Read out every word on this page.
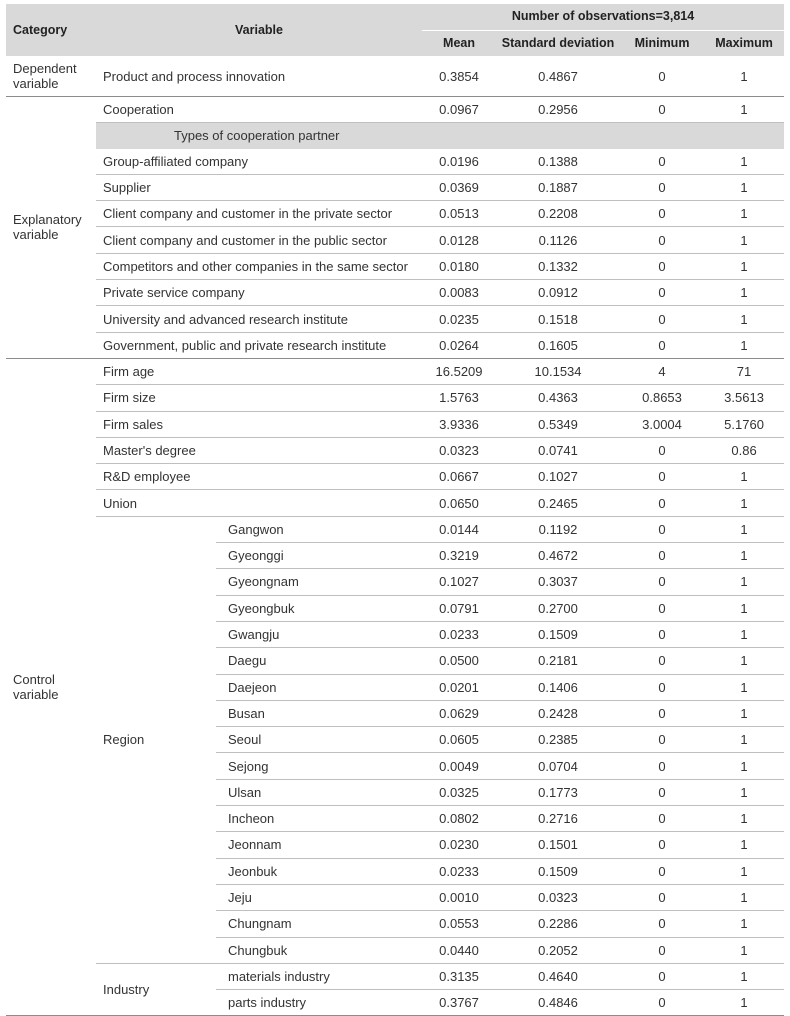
Category	Variable		Number of observations=3,814			
			Mean	Standard deviation	Minimum	Maximum
Dependent variable	Product and process innovation		0.3854	0.4867	0	1
Explanatory variable	Cooperation		0.0967	0.2956	0	1
	Types of cooperation partner					
	Group-affiliated company		0.0196	0.1388	0	1
	Supplier		0.0369	0.1887	0	1
	Client company and customer in the private sector		0.0513	0.2208	0	1
	Client company and customer in the public sector		0.0128	0.1126	0	1
	Competitors and other companies in the same sector		0.0180	0.1332	0	1
	Private service company		0.0083	0.0912	0	1
	University and advanced research institute		0.0235	0.1518	0	1
	Government, public and private research institute		0.0264	0.1605	0	1
Control variable	Firm age		16.5209	10.1534	4	71
	Firm size		1.5763	0.4363	0.8653	3.5613
	Firm sales		3.9336	0.5349	3.0004	5.1760
	Master's degree		0.0323	0.0741	0	0.86
	R&D employee		0.0667	0.1027	0	1
	Union		0.0650	0.2465	0	1
	Region	Gangwon	0.0144	0.1192	0	1
		Gyeonggi	0.3219	0.4672	0	1
		Gyeongnam	0.1027	0.3037	0	1
		Gyeongbuk	0.0791	0.2700	0	1
		Gwangju	0.0233	0.1509	0	1
		Daegu	0.0500	0.2181	0	1
		Daejeon	0.0201	0.1406	0	1
		Busan	0.0629	0.2428	0	1
		Seoul	0.0605	0.2385	0	1
		Sejong	0.0049	0.0704	0	1
		Ulsan	0.0325	0.1773	0	1
		Incheon	0.0802	0.2716	0	1
		Jeonnam	0.0230	0.1501	0	1
		Jeonbuk	0.0233	0.1509	0	1
		Jeju	0.0010	0.0323	0	1
		Chungnam	0.0553	0.2286	0	1
		Chungbuk	0.0440	0.2052	0	1
	Industry	materials industry	0.3135	0.4640	0	1
		parts industry	0.3767	0.4846	0	1
